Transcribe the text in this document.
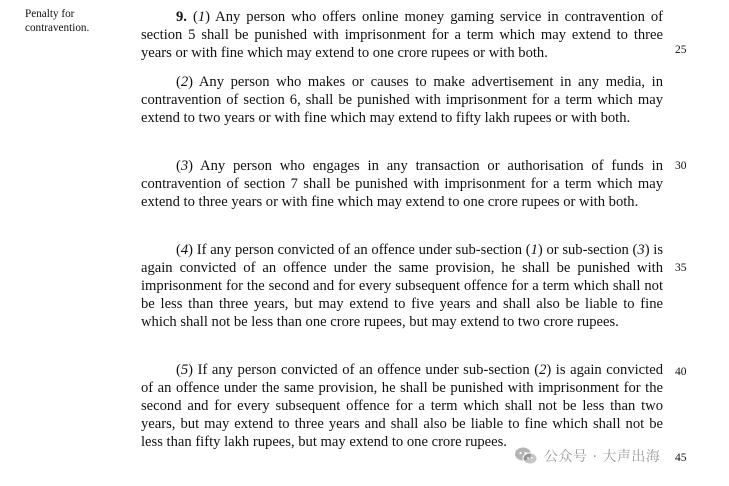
Penalty for contravention.

9. (1) Any person who offers online money gaming service in contravention of section 5 shall be punished with imprisonment for a term which may extend to three years or with fine which may extend to one crore rupees or with both.

(2) Any person who makes or causes to make advertisement in any media, in contravention of section 6, shall be punished with imprisonment for a term which may extend to two years or with fine which may extend to fifty lakh rupees or with both.

(3) Any person who engages in any transaction or authorisation of funds in contravention of section 7 shall be punished with imprisonment for a term which may extend to three years or with fine which may extend to one crore rupees or with both.

(4) If any person convicted of an offence under sub-section (1) or sub-section (3) is again convicted of an offence under the same provision, he shall be punished with imprisonment for the second and for every subsequent offence for a term which shall not be less than three years, but may extend to five years and shall also be liable to fine which shall not be less than one crore rupees, but may extend to two crore rupees.

(5) If any person convicted of an offence under sub-section (2) is again convicted of an offence under the same provision, he shall be punished with imprisonment for the second and for every subsequent offence for a term which shall not be less than two years, but may extend to three years and shall also be liable to fine which shall not be less than fifty lakh rupees, but may extend to one crore rupees.

25
30
35
40
45
公众号 · 大声出海
